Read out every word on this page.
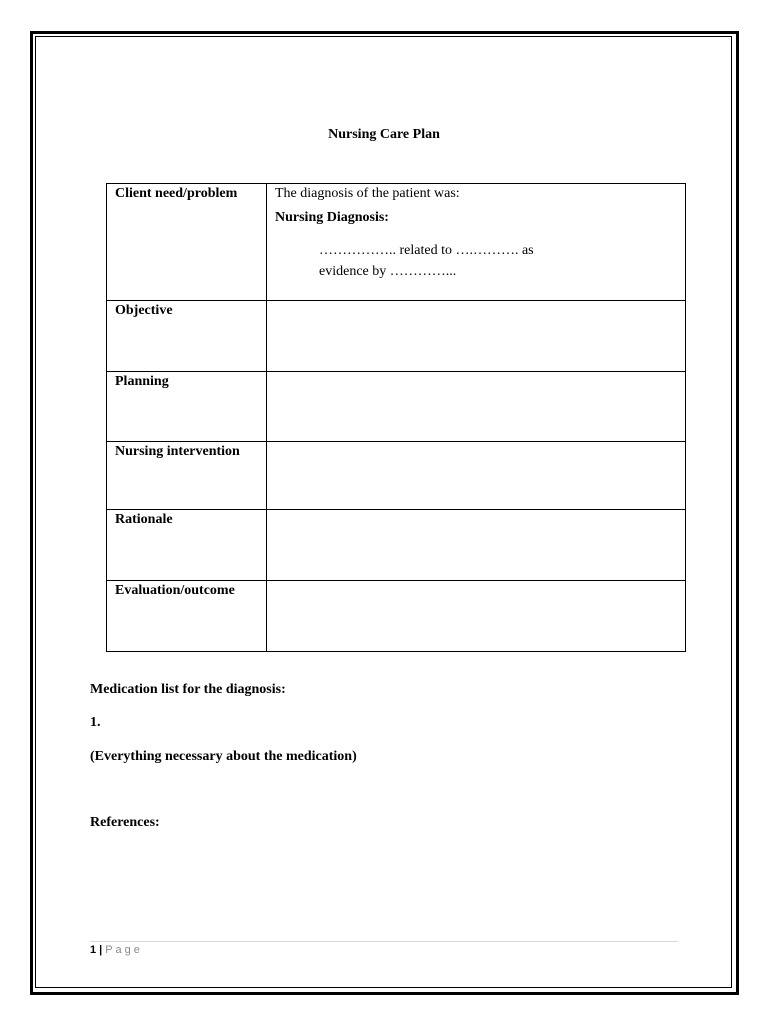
Nursing Care Plan
Client need/problem	The diagnosis of the patient was:
Nursing Diagnosis:
…………….. related to ….………. as
evidence by …………...

Objective	
Planning	
Nursing intervention	
Rationale	
Evaluation/outcome	
Medication list for the diagnosis:
1.
(Everything necessary about the medication)
References:
1 | Page
